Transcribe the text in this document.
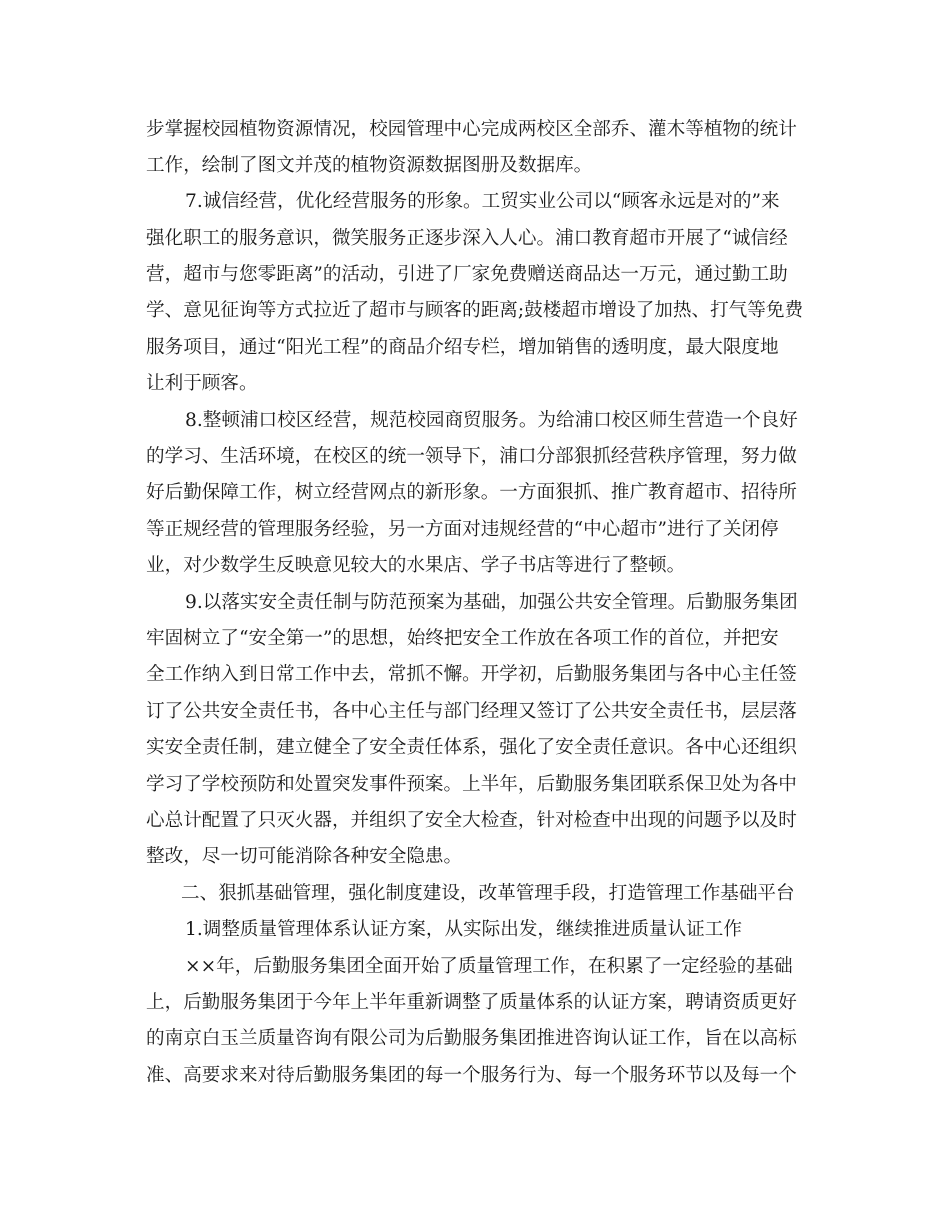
步掌握校园植物资源情况，校园管理中心完成两校区全部乔、灌木等植物的统计
工作，绘制了图文并茂的植物资源数据图册及数据库。
7.诚信经营，优化经营服务的形象。工贸实业公司以“顾客永远是对的”来
强化职工的服务意识，微笑服务正逐步深入人心。浦口教育超市开展了“诚信经
营，超市与您零距离”的活动，引进了厂家免费赠送商品达一万元，通过勤工助
学、意见征询等方式拉近了超市与顾客的距离;鼓楼超市增设了加热、打气等免费
服务项目，通过“阳光工程”的商品介绍专栏，增加销售的透明度，最大限度地
让利于顾客。
8.整顿浦口校区经营，规范校园商贸服务。为给浦口校区师生营造一个良好
的学习、生活环境，在校区的统一领导下，浦口分部狠抓经营秩序管理，努力做
好后勤保障工作，树立经营网点的新形象。一方面狠抓、推广教育超市、招待所
等正规经营的管理服务经验，另一方面对违规经营的“中心超市”进行了关闭停
业，对少数学生反映意见较大的水果店、学子书店等进行了整顿。
9.以落实安全责任制与防范预案为基础，加强公共安全管理。后勤服务集团
牢固树立了“安全第一”的思想，始终把安全工作放在各项工作的首位，并把安
全工作纳入到日常工作中去，常抓不懈。开学初，后勤服务集团与各中心主任签
订了公共安全责任书，各中心主任与部门经理又签订了公共安全责任书，层层落
实安全责任制，建立健全了安全责任体系，强化了安全责任意识。各中心还组织
学习了学校预防和处置突发事件预案。上半年，后勤服务集团联系保卫处为各中
心总计配置了只灭火器，并组织了安全大检查，针对检查中出现的问题予以及时
整改，尽一切可能消除各种安全隐患。
二、狠抓基础管理，强化制度建设，改革管理手段，打造管理工作基础平台
1.调整质量管理体系认证方案，从实际出发，继续推进质量认证工作
××年，后勤服务集团全面开始了质量管理工作，在积累了一定经验的基础
上，后勤服务集团于今年上半年重新调整了质量体系的认证方案，聘请资质更好
的南京白玉兰质量咨询有限公司为后勤服务集团推进咨询认证工作，旨在以高标
准、高要求来对待后勤服务集团的每一个服务行为、每一个服务环节以及每一个
